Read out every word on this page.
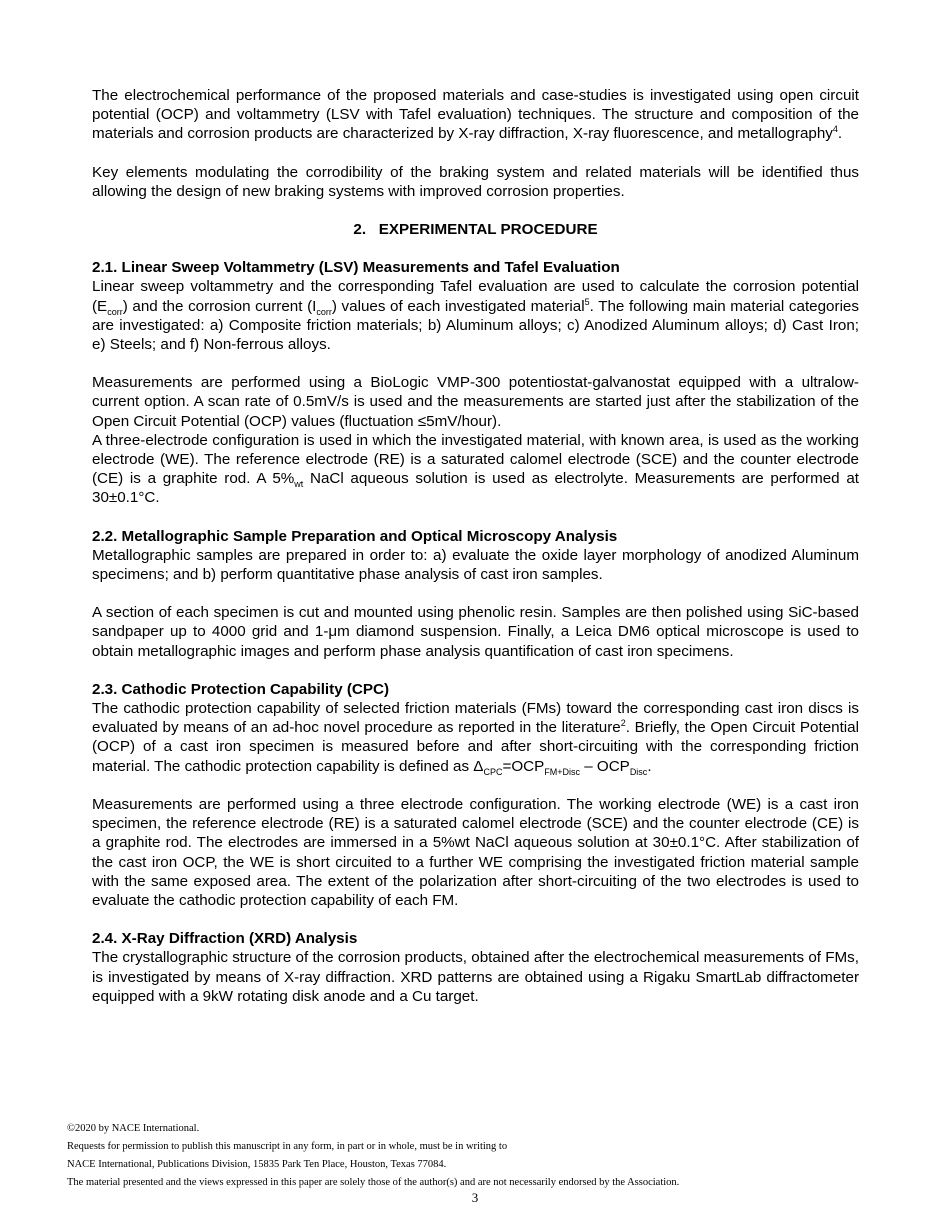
The electrochemical performance of the proposed materials and case-studies is investigated using open circuit potential (OCP) and voltammetry (LSV with Tafel evaluation) techniques. The structure and composition of the materials and corrosion products are characterized by X-ray diffraction, X-ray fluorescence, and metallography$^4$.

Key elements modulating the corrodibility of the braking system and related materials will be identified thus allowing the design of new braking systems with improved corrosion properties.

2.   EXPERIMENTAL PROCEDURE

2.1. Linear Sweep Voltammetry (LSV) Measurements and Tafel Evaluation

Linear sweep voltammetry and the corresponding Tafel evaluation are used to calculate the corrosion potential $(E_{corr})$ and the corrosion current $(I_{corr})$ values of each investigated material$^5$. The following main material categories are investigated: a) Composite friction materials; b) Aluminum alloys; c) Anodized Aluminum alloys; d) Cast Iron; e) Steels; and f) Non-ferrous alloys.

Measurements are performed using a BioLogic VMP-300 potentiostat-galvanostat equipped with a ultralow-current option. A scan rate of 0.5mV/s is used and the measurements are started just after the stabilization of the Open Circuit Potential (OCP) values (fluctuation ≤5mV/hour).

A three-electrode configuration is used in which the investigated material, with known area, is used as the working electrode (WE). The reference electrode (RE) is a saturated calomel electrode (SCE) and the counter electrode (CE) is a graphite rod. A $5\%_{wt}$ NaCl aqueous solution is used as electrolyte. Measurements are performed at 30±0.1°C.

2.2. Metallographic Sample Preparation and Optical Microscopy Analysis

Metallographic samples are prepared in order to: a) evaluate the oxide layer morphology of anodized Aluminum specimens; and b) perform quantitative phase analysis of cast iron samples.

A section of each specimen is cut and mounted using phenolic resin. Samples are then polished using SiC-based sandpaper up to 4000 grid and 1-μm diamond suspension. Finally, a Leica DM6 optical microscope is used to obtain metallographic images and perform phase analysis quantification of cast iron specimens.

2.3. Cathodic Protection Capability (CPC)

The cathodic protection capability of selected friction materials (FMs) toward the corresponding cast iron discs is evaluated by means of an ad-hoc novel procedure as reported in the literature$^2$. Briefly, the Open Circuit Potential (OCP) of a cast iron specimen is measured before and after short-circuiting with the corresponding friction material. The cathodic protection capability is defined as $\Delta_{CPC}=OCP_{FM+Disc} - OCP_{Disc}$.

Measurements are performed using a three electrode configuration. The working electrode (WE) is a cast iron specimen, the reference electrode (RE) is a saturated calomel electrode (SCE) and the counter electrode (CE) is a graphite rod. The electrodes are immersed in a 5%wt NaCl aqueous solution at 30±0.1°C. After stabilization of the cast iron OCP, the WE is short circuited to a further WE comprising the investigated friction material sample with the same exposed area. The extent of the polarization after short-circuiting of the two electrodes is used to evaluate the cathodic protection capability of each FM.

2.4. X-Ray Diffraction (XRD) Analysis

The crystallographic structure of the corrosion products, obtained after the electrochemical measurements of FMs, is investigated by means of X-ray diffraction. XRD patterns are obtained using a Rigaku SmartLab diffractometer equipped with a 9kW rotating disk anode and a Cu target.

©2020 by NACE International.
Requests for permission to publish this manuscript in any form, in part or in whole, must be in writing to
NACE International, Publications Division, 15835 Park Ten Place, Houston, Texas 77084.
The material presented and the views expressed in this paper are solely those of the author(s) and are not necessarily endorsed by the Association.
3
